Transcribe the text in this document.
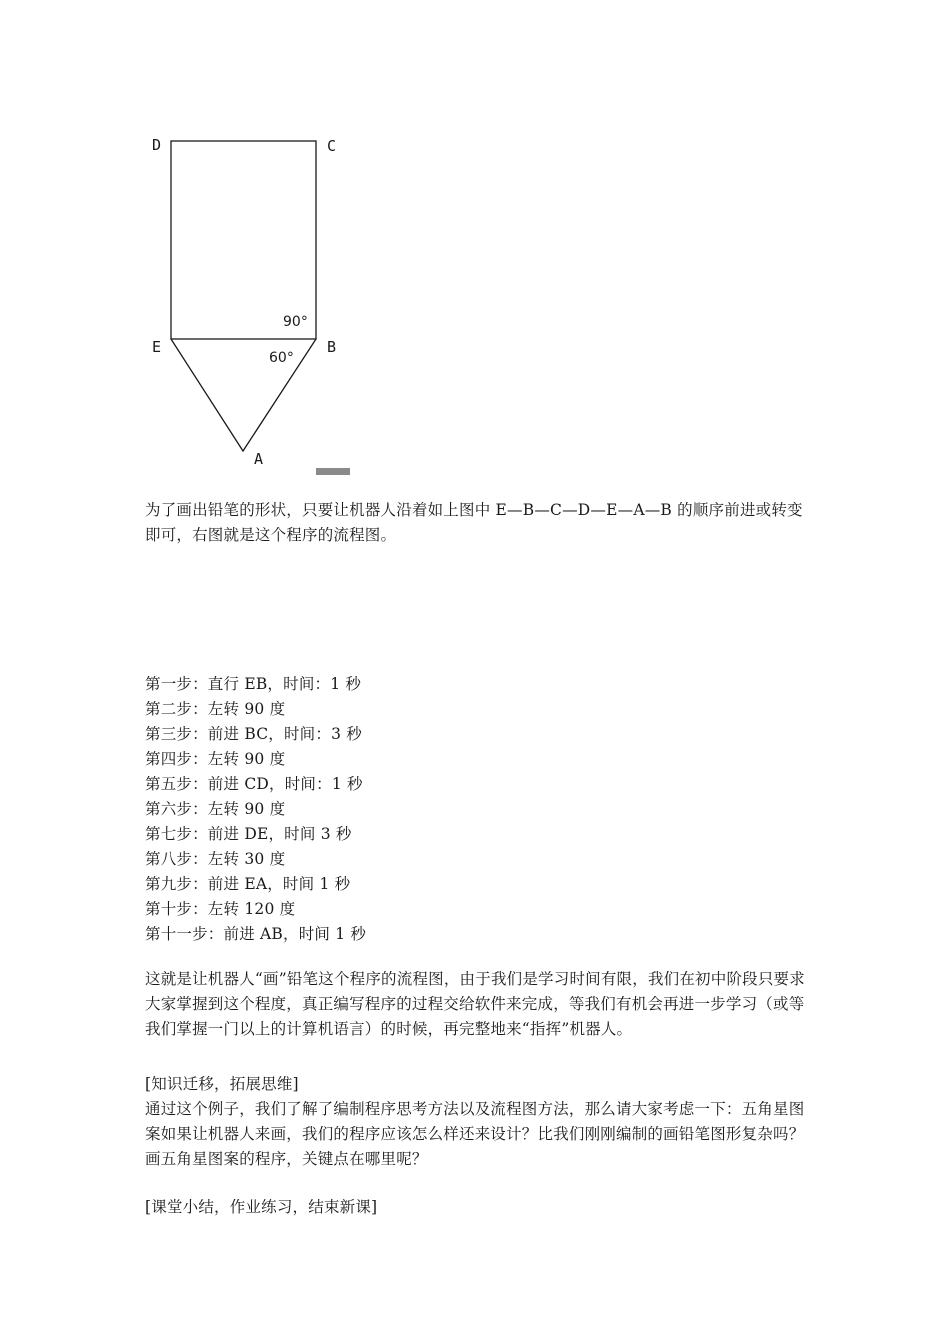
D	C
E	B
A
90°
60°

为了画出铅笔的形状，只要让机器人沿着如上图中 E—B—C—D—E—A—B 的顺序前进或转变即可，右图就是这个程序的流程图。

第一步：直行 EB，时间：1 秒
第二步：左转 90 度
第三步：前进 BC，时间：3 秒
第四步：左转 90 度
第五步：前进 CD，时间：1 秒
第六步：左转 90 度
第七步：前进 DE，时间 3 秒
第八步：左转 30 度
第九步：前进 EA，时间 1 秒
第十步：左转 120 度
第十一步：前进 AB，时间 1 秒

这就是让机器人“画”铅笔这个程序的流程图，由于我们是学习时间有限，我们在初中阶段只要求大家掌握到这个程度，真正编写程序的过程交给软件来完成，等我们有机会再进一步学习（或等我们掌握一门以上的计算机语言）的时候，再完整地来“指挥”机器人。

[知识迁移，拓展思维]

通过这个例子，我们了解了编制程序思考方法以及流程图方法，那么请大家考虑一下：五角星图案如果让机器人来画，我们的程序应该怎么样还来设计？比我们刚刚编制的画铅笔图形复杂吗？画五角星图案的程序，关键点在哪里呢？

[课堂小结，作业练习，结束新课]
